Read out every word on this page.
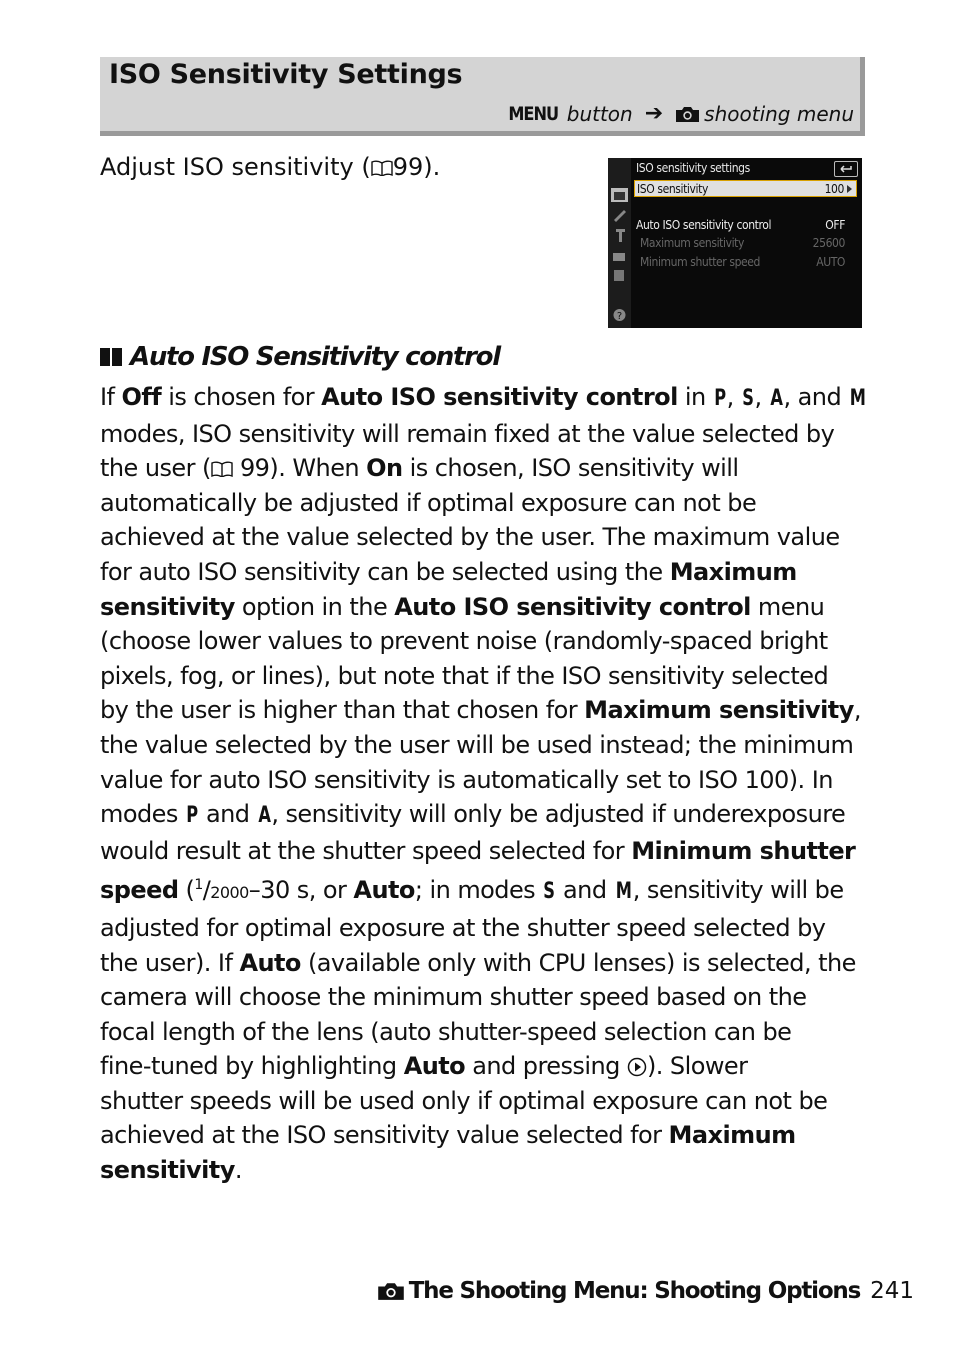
ISO Sensitivity Settings
MENU button ➔ shooting menu
Adjust ISO sensitivity ( 99).
?
ISO sensitivity settings
ISO sensitivity	100
Auto ISO sensitivity control	OFF
Maximum sensitivity	25600
Minimum shutter speed	AUTO
Auto ISO Sensitivity control
If Off is chosen for Auto ISO sensitivity control in P, S, A, and M
modes, ISO sensitivity will remain fixed at the value selected by
the user ( 99). When On is chosen, ISO sensitivity will
automatically be adjusted if optimal exposure can not be
achieved at the value selected by the user. The maximum value
for auto ISO sensitivity can be selected using the Maximum
sensitivity option in the Auto ISO sensitivity control menu
(choose lower values to prevent noise (randomly-spaced bright
pixels, fog, or lines), but note that if the ISO sensitivity selected
by the user is higher than that chosen for Maximum sensitivity,
the value selected by the user will be used instead; the minimum
value for auto ISO sensitivity is automatically set to ISO 100). In
modes P and A, sensitivity will only be adjusted if underexposure
would result at the shutter speed selected for Minimum shutter
speed ($^1$/2000–30 s, or Auto; in modes S and M, sensitivity will be
adjusted for optimal exposure at the shutter speed selected by
the user). If Auto (available only with CPU lenses) is selected, the
camera will choose the minimum shutter speed based on the
focal length of the lens (auto shutter-speed selection can be
fine-tuned by highlighting Auto and pressing ). Slower
shutter speeds will be used only if optimal exposure can not be
achieved at the ISO sensitivity value selected for Maximum
sensitivity.
The Shooting Menu: Shooting Options 241
